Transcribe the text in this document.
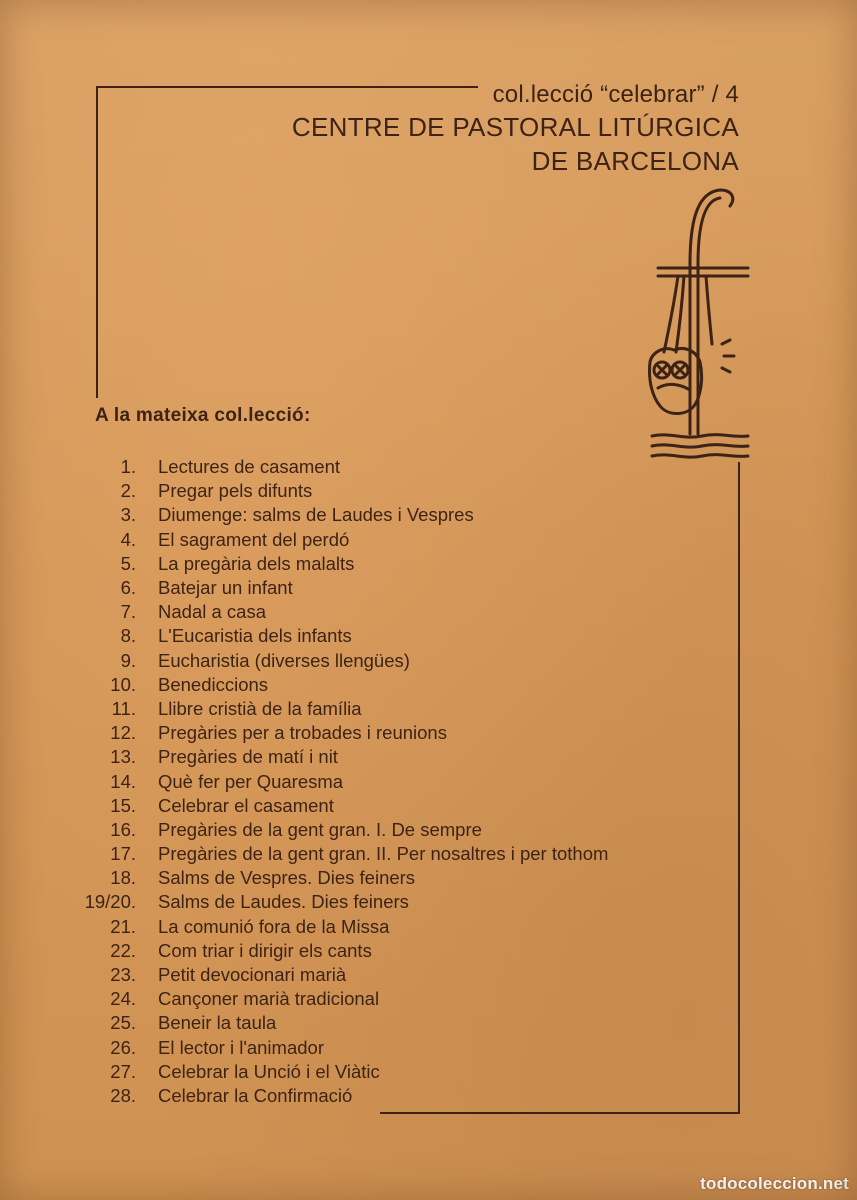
col.lecció “celebrar” / 4
CENTRE DE PASTORAL LITÚRGICA
DE BARCELONA
A la mateixa col.lecció:
1. Lectures de casament
2. Pregar pels difunts
3. Diumenge: salms de Laudes i Vespres
4. El sagrament del perdó
5. La pregària dels malalts
6. Batejar un infant
7. Nadal a casa
8. L'Eucaristia dels infants
9. Eucharistia (diverses llengües)
10. Benediccions
11. Llibre cristià de la família
12. Pregàries per a trobades i reunions
13. Pregàries de matí i nit
14. Què fer per Quaresma
15. Celebrar el casament
16. Pregàries de la gent gran. I. De sempre
17. Pregàries de la gent gran. II. Per nosaltres i per tothom
18. Salms de Vespres. Dies feiners
19/20. Salms de Laudes. Dies feiners
21. La comunió fora de la Missa
22. Com triar i dirigir els cants
23. Petit devocionari marià
24. Cançoner marià tradicional
25. Beneir la taula
26. El lector i l'animador
27. Celebrar la Unció i el Viàtic
28. Celebrar la Confirmació
todocoleccion.net
